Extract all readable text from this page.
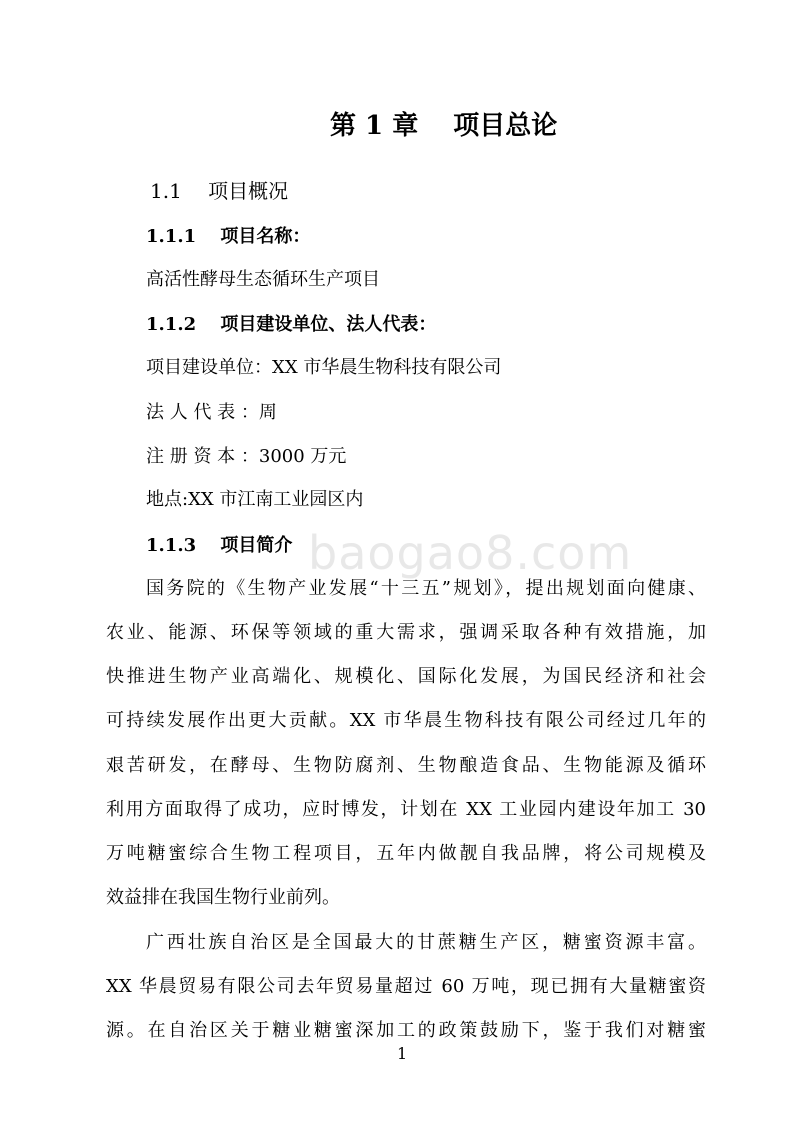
第 1 章　 项目总论
1.1　 项目概况
1.1.1　 项目名称：
高活性酵母生态循环生产项目
1.1.2　 项目建设单位、法人代表：
项目建设单位：XX 市华晨生物科技有限公司
法 人 代 表 ：周
注 册 资 本 ：3000 万元
地点:XX 市江南工业园区内
baogao8.com
1.1.3　 项目简介
国务院的《生物产业发展“十三五”规划》，提出规划面向健康、
农业、能源、环保等领域的重大需求，强调采取各种有效措施，加
快推进生物产业高端化、规模化、国际化发展，为国民经济和社会
可持续发展作出更大贡献。XX 市华晨生物科技有限公司经过几年的
艰苦研发，在酵母、生物防腐剂、生物酿造食品、生物能源及循环
利用方面取得了成功，应时博发，计划在 XX 工业园内建设年加工 30
万吨糖蜜综合生物工程项目，五年内做靓自我品牌，将公司规模及
效益排在我国生物行业前列。
广西壮族自治区是全国最大的甘蔗糖生产区，糖蜜资源丰富。
XX 华晨贸易有限公司去年贸易量超过 60 万吨，现已拥有大量糖蜜资
源。在自治区关于糖业糖蜜深加工的政策鼓励下，鉴于我们对糖蜜
1
